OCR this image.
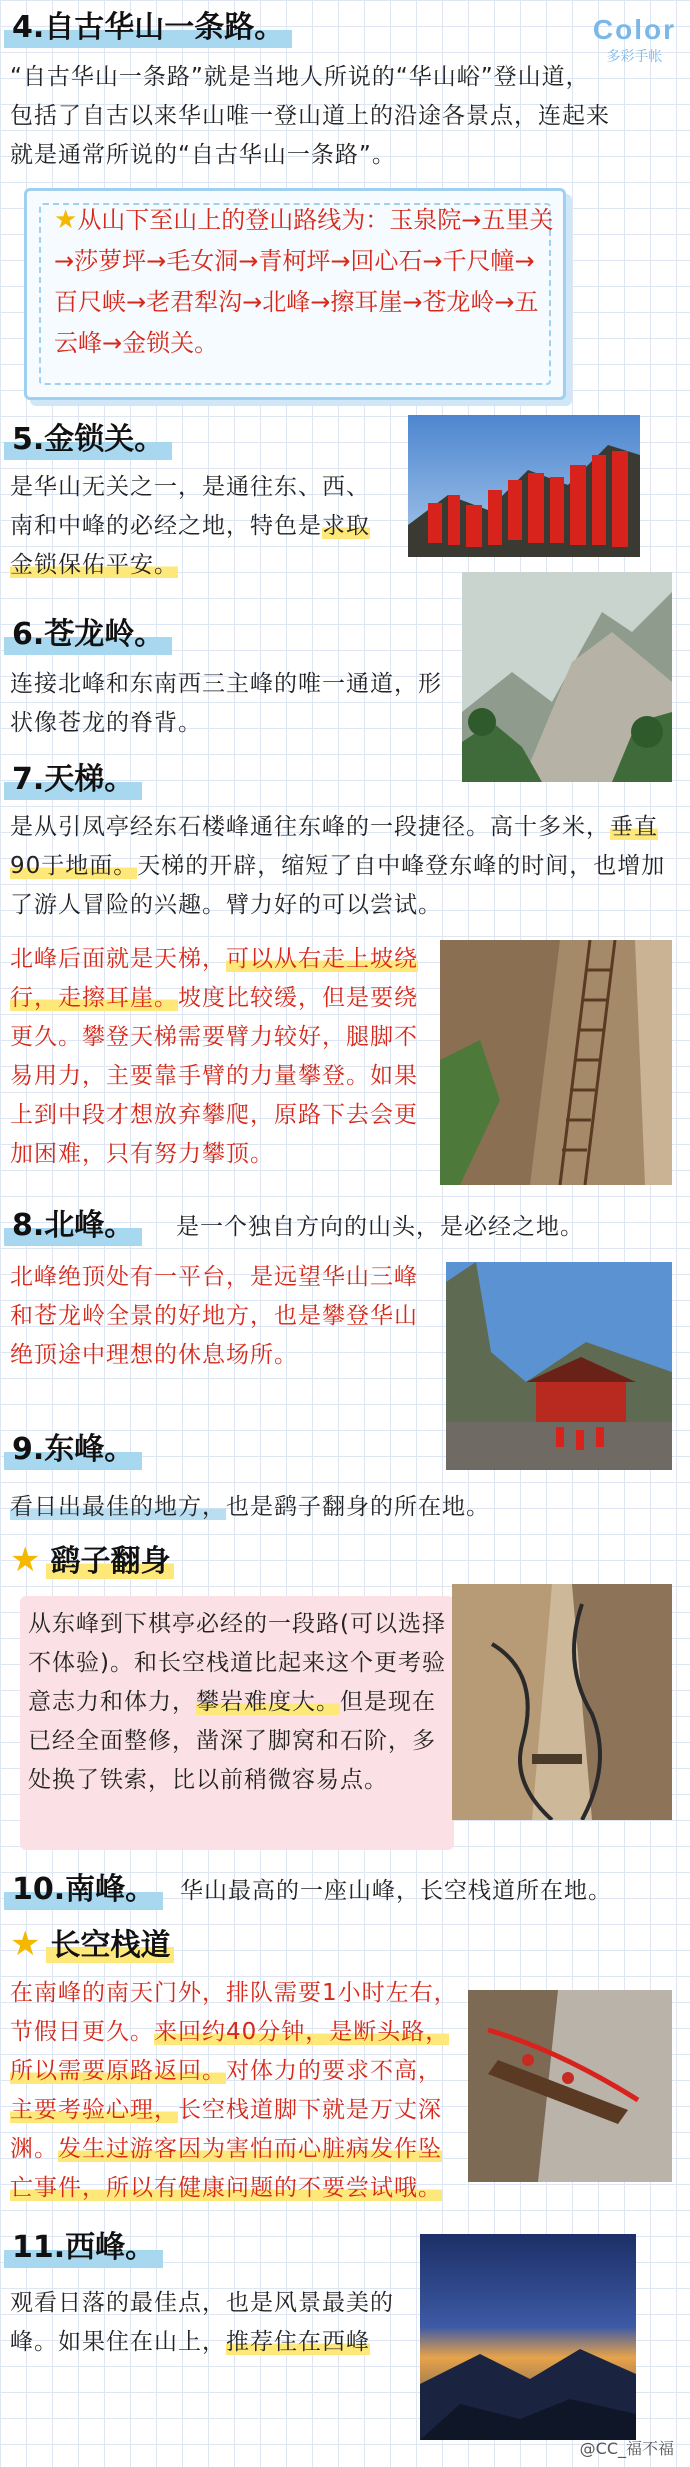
Color
多彩手帐
4.自古华山一条路。
“自古华山一条路”就是当地人所说的“华山峪”登山道，包括了自古以来华山唯一登山道上的沿途各景点，连起来就是通常所说的“自古华山一条路”。
★从山下至山上的登山路线为：玉泉院→五里关→莎萝坪→毛女洞→青柯坪→回心石→千尺幢→百尺峡→老君犁沟→北峰→擦耳崖→苍龙岭→五云峰→金锁关。
5.金锁关。
是华山无关之一，是通往东、西、南和中峰的必经之地，特色是求取金锁保佑平安。
6.苍龙岭。
连接北峰和东南西三主峰的唯一通道，形状像苍龙的脊背。
7.天梯。
是从引凤亭经东石楼峰通往东峰的一段捷径。高十多米，垂直90于地面。天梯的开辟，缩短了自中峰登东峰的时间，也增加了游人冒险的兴趣。臂力好的可以尝试。
北峰后面就是天梯，可以从右走上坡绕行，走擦耳崖。坡度比较缓，但是要绕更久。攀登天梯需要臂力较好，腿脚不易用力，主要靠手臂的力量攀登。如果上到中段才想放弃攀爬，原路下去会更加困难，只有努力攀顶。
8.北峰。	是一个独自方向的山头，是必经之地。
北峰绝顶处有一平台，是远望华山三峰和苍龙岭全景的好地方，也是攀登华山绝顶途中理想的休息场所。
9.东峰。
看日出最佳的地方，也是鹞子翻身的所在地。
★ 鹞子翻身
从东峰到下棋亭必经的一段路(可以选择不体验)。和长空栈道比起来这个更考验意志力和体力，攀岩难度大。但是现在已经全面整修，凿深了脚窝和石阶，多处换了铁索，比以前稍微容易点。
10.南峰。	华山最高的一座山峰，长空栈道所在地。
★ 长空栈道
在南峰的南天门外，排队需要1小时左右，节假日更久。来回约40分钟，是断头路，所以需要原路返回。对体力的要求不高，主要考验心理，长空栈道脚下就是万丈深渊。发生过游客因为害怕而心脏病发作坠亡事件，所以有健康问题的不要尝试哦。
11.西峰。
观看日落的最佳点，也是风景最美的峰。如果住在山上，推荐住在西峰
@CC_福不福
